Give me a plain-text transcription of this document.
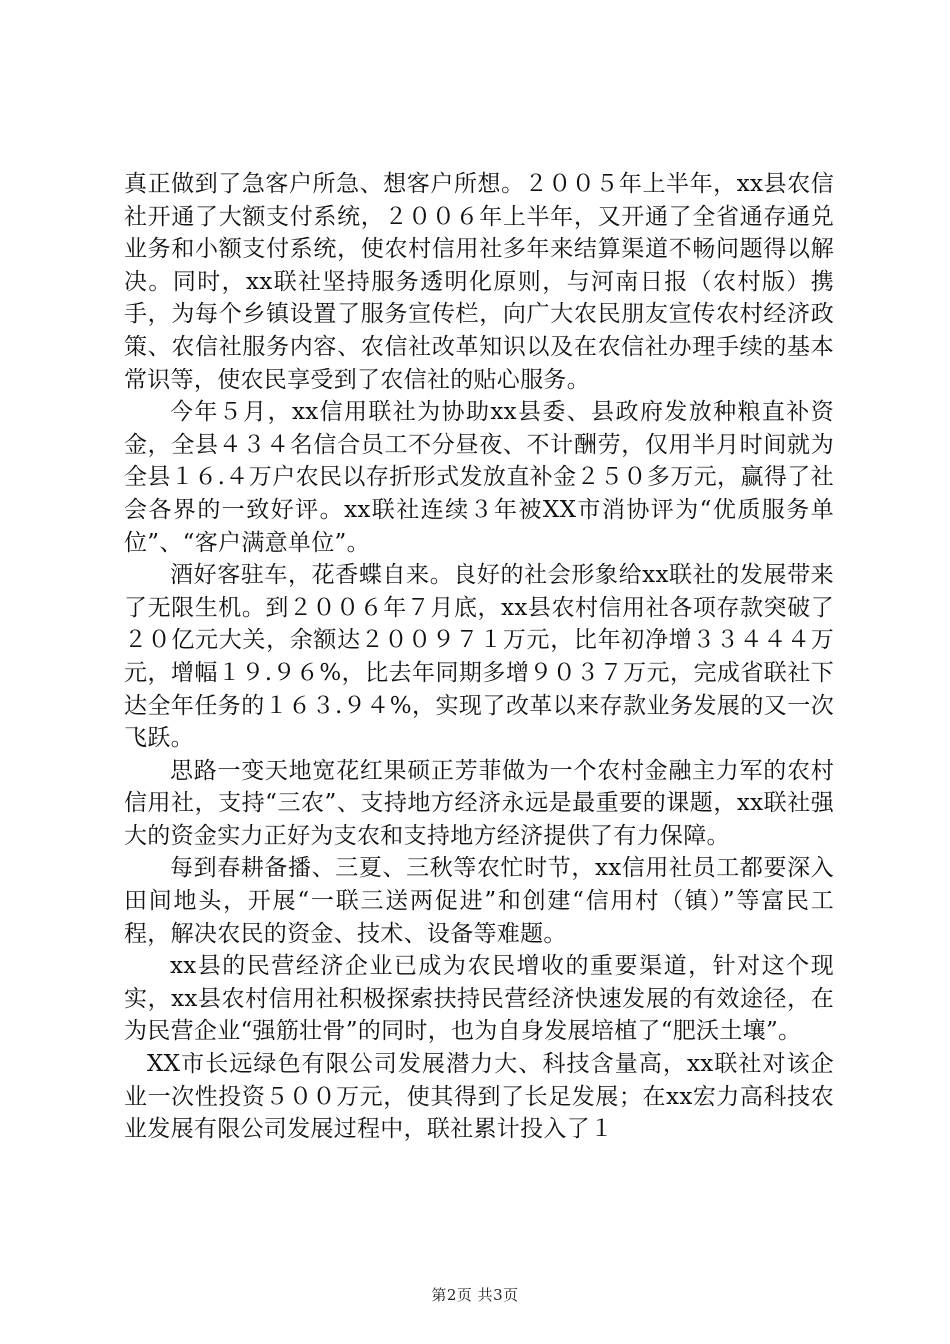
真正做到了急客户所急、想客户所想。２００５年上半年，xx县农信社开通了大额支付系统，２００６年上半年，又开通了全省通存通兑业务和小额支付系统，使农村信用社多年来结算渠道不畅问题得以解决。同时，xx联社坚持服务透明化原则，与河南日报（农村版）携手，为每个乡镇设置了服务宣传栏，向广大农民朋友宣传农村经济政策、农信社服务内容、农信社改革知识以及在农信社办理手续的基本常识等，使农民享受到了农信社的贴心服务。

今年５月，xx信用联社为协助xx县委、县政府发放种粮直补资金，全县４３４名信合员工不分昼夜、不计酬劳，仅用半月时间就为全县１６.４万户农民以存折形式发放直补金２５０多万元，赢得了社会各界的一致好评。xx联社连续３年被XX市消协评为“优质服务单位”、“客户满意单位”。

酒好客驻车，花香蝶自来。良好的社会形象给xx联社的发展带来了无限生机。到２００６年７月底，xx县农村信用社各项存款突破了２０亿元大关，余额达２００９７１万元，比年初净增３３４４４万元，增幅１９.９６%，比去年同期多增９０３７万元，完成省联社下达全年任务的１６３.９４%，实现了改革以来存款业务发展的又一次飞跃。

思路一变天地宽花红果硕正芳菲做为一个农村金融主力军的农村信用社，支持“三农”、支持地方经济永远是最重要的课题，xx联社强大的资金实力正好为支农和支持地方经济提供了有力保障。

每到春耕备播、三夏、三秋等农忙时节，xx信用社员工都要深入田间地头，开展“一联三送两促进”和创建“信用村（镇）”等富民工程，解决农民的资金、技术、设备等难题。

xx县的民营经济企业已成为农民增收的重要渠道，针对这个现实，xx县农村信用社积极探索扶持民营经济快速发展的有效途径，在为民营企业“强筋壮骨”的同时，也为自身发展培植了“肥沃土壤”。

XX市长远绿色有限公司发展潜力大、科技含量高，xx联社对该企业一次性投资５００万元，使其得到了长足发展；在xx宏力高科技农业发展有限公司发展过程中，联社累计投入了１

第2页 共3页
